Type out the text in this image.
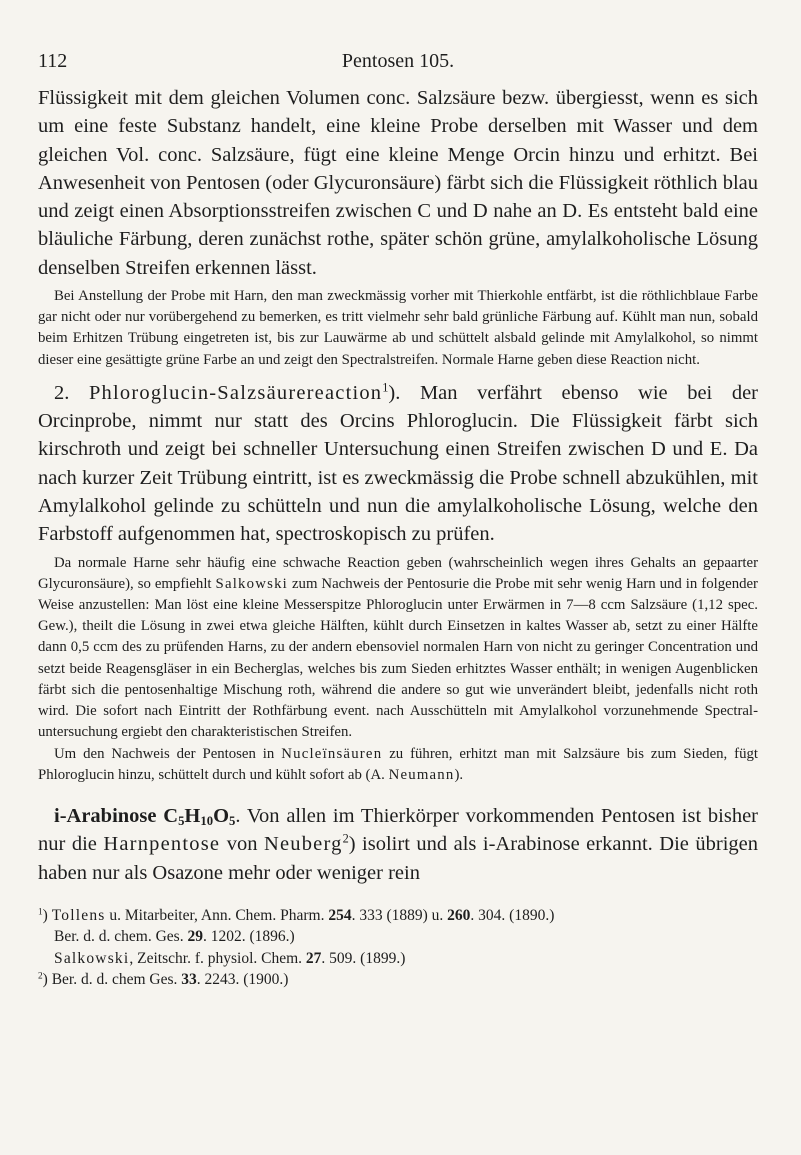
112	Pentosen 105.

Flüssigkeit mit dem gleichen Volumen conc. Salzsäure bezw. übergiesst, wenn es sich um eine feste Substanz handelt, eine kleine Probe derselben mit Wasser und dem gleichen Vol. conc. Salzsäure, fügt eine kleine Menge Orcin hinzu und erhitzt. Bei Anwesenheit von Pentosen (oder Glycuronsäure) färbt sich die Flüssigkeit röthlich blau und zeigt einen Absorptionsstreifen zwischen C und D nahe an D. Es entsteht bald eine bläuliche Färbung, deren zunächst rothe, später schön grüne, amylalkoholische Lösung denselben Streifen erkennen lässt.

Bei Anstellung der Probe mit Harn, den man zweckmässig vorher mit Thierkohle entfärbt, ist die röthlichblaue Farbe gar nicht oder nur vorübergehend zu bemerken, es tritt vielmehr sehr bald grünliche Färbung auf. Kühlt man nun, sobald beim Erhitzen Trübung eingetreten ist, bis zur Lauwärme ab und schüttelt alsbald gelinde mit Amylalkohol, so nimmt dieser eine gesättigte grüne Farbe an und zeigt den Spectralstreifen. Normale Harne geben diese Reaction nicht.

2. Phloroglucin-Salzsäurereaction$^1$). Man verfährt ebenso wie bei der Orcinprobe, nimmt nur statt des Orcins Phloroglucin. Die Flüssigkeit färbt sich kirschroth und zeigt bei schneller Untersuchung einen Streifen zwischen D und E. Da nach kurzer Zeit Trübung eintritt, ist es zweckmässig die Probe schnell abzukühlen, mit Amylalkohol gelinde zu schütteln und nun die amylalkoholische Lösung, welche den Farbstoff aufgenommen hat, spectroskopisch zu prüfen.

Da normale Harne sehr häufig eine schwache Reaction geben (wahrscheinlich wegen ihres Gehalts an gepaarter Glycuronsäure), so empfiehlt Salkowski zum Nachweis der Pentosurie die Probe mit sehr wenig Harn und in folgender Weise anzustellen: Man löst eine kleine Messerspitze Phloroglucin unter Erwärmen in 7—8 ccm Salzsäure (1,12 spec. Gew.), theilt die Lösung in zwei etwa gleiche Hälften, kühlt durch Einsetzen in kaltes Wasser ab, setzt zu einer Hälfte dann 0,5 ccm des zu prüfenden Harns, zu der andern ebensoviel normalen Harn von nicht zu geringer Concentration und setzt beide Reagensgläser in ein Becherglas, welches bis zum Sieden erhitztes Wasser enthält; in wenigen Augenblicken färbt sich die pentosenhaltige Mischung roth, während die andere so gut wie unverändert bleibt, jedenfalls nicht roth wird. Die sofort nach Eintritt der Rothfärbung event. nach Ausschütteln mit Amylalkohol vorzunehmende Spectraluntersuchung ergiebt den charakteristischen Streifen.

Um den Nachweis der Pentosen in Nucleïnsäuren zu führen, erhitzt man mit Salzsäure bis zum Sieden, fügt Phloroglucin hinzu, schüttelt durch und kühlt sofort ab (A. Neumann).

i-Arabinose $C_5H_{10}O_5$. Von allen im Thierkörper vorkommenden Pentosen ist bisher nur die Harnpentose von Neuberg$^2$) isolirt und als i-Arabinose erkannt. Die übrigen haben nur als Osazone mehr oder weniger rein

$^1$) Tollens u. Mitarbeiter, Ann. Chem. Pharm. 254. 333 (1889) u. 260. 304. (1890.)

Ber. d. d. chem. Ges. 29. 1202. (1896.)

Salkowski, Zeitschr. f. physiol. Chem. 27. 509. (1899.)

$^2$) Ber. d. d. chem Ges. 33. 2243. (1900.)
